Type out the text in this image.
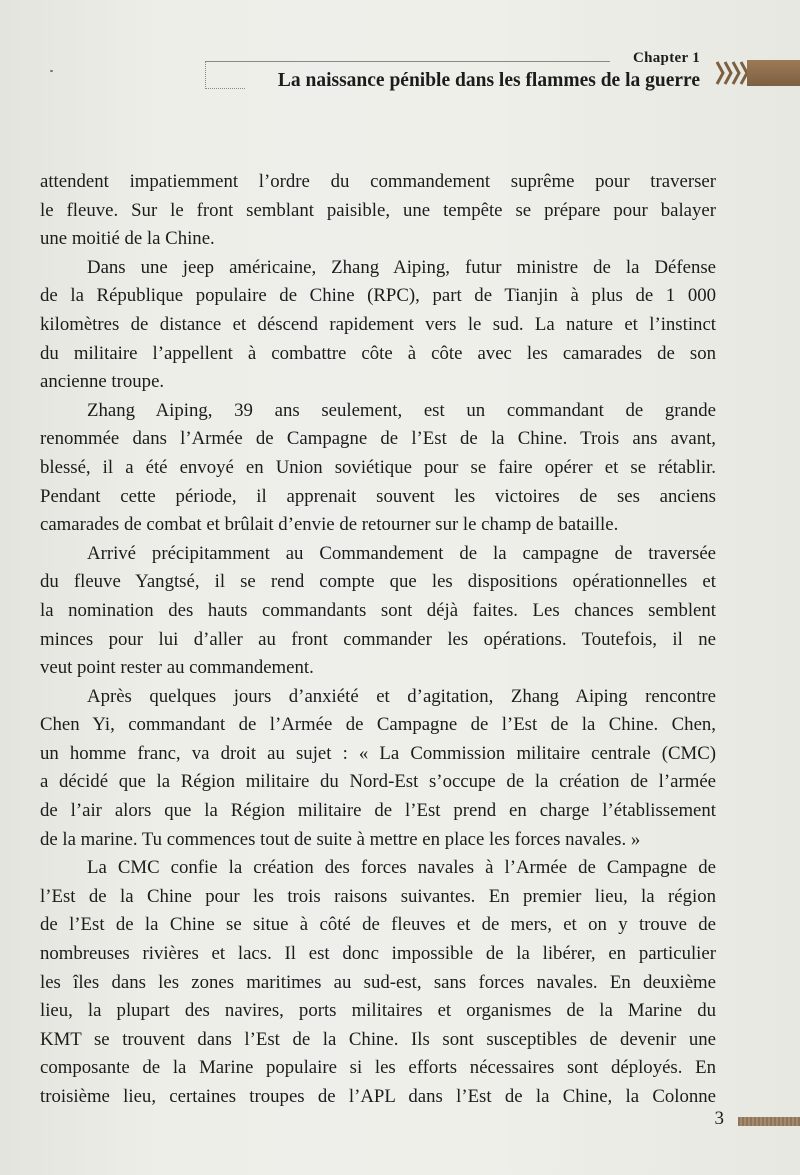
Chapter 1
La naissance pénible dans les flammes de la guerre
attendent impatiemment l’ordre du commandement suprême pour traverser
le fleuve. Sur le front semblant paisible, une tempête se prépare pour balayer
une moitié de la Chine.
Dans une jeep américaine, Zhang Aiping, futur ministre de la Défense
de la République populaire de Chine (RPC), part de Tianjin à plus de 1 000
kilomètres de distance et déscend rapidement vers le sud. La nature et l’instinct
du militaire l’appellent à combattre côte à côte avec les camarades de son
ancienne troupe.
Zhang Aiping, 39 ans seulement, est un commandant de grande
renommée dans l’Armée de Campagne de l’Est de la Chine. Trois ans avant,
blessé, il a été envoyé en Union soviétique pour se faire opérer et se rétablir.
Pendant cette période, il apprenait souvent les victoires de ses anciens
camarades de combat et brûlait d’envie de retourner sur le champ de bataille.
Arrivé précipitamment au Commandement de la campagne de traversée
du fleuve Yangtsé, il se rend compte que les dispositions opérationnelles et
la nomination des hauts commandants sont déjà faites. Les chances semblent
minces pour lui d’aller au front commander les opérations. Toutefois, il ne
veut point rester au commandement.
Après quelques jours d’anxiété et d’agitation, Zhang Aiping rencontre
Chen Yi, commandant de l’Armée de Campagne de l’Est de la Chine. Chen,
un homme franc, va droit au sujet : « La Commission militaire centrale (CMC)
a décidé que la Région militaire du Nord-Est s’occupe de la création de l’armée
de l’air alors que la Région militaire de l’Est prend en charge l’établissement
de la marine. Tu commences tout de suite à mettre en place les forces navales. »
La CMC confie la création des forces navales à l’Armée de Campagne de
l’Est de la Chine pour les trois raisons suivantes. En premier lieu, la région
de l’Est de la Chine se situe à côté de fleuves et de mers, et on y trouve de
nombreuses rivières et lacs. Il est donc impossible de la libérer, en particulier
les îles dans les zones maritimes au sud-est, sans forces navales. En deuxième
lieu, la plupart des navires, ports militaires et organismes de la Marine du
KMT se trouvent dans l’Est de la Chine. Ils sont susceptibles de devenir une
composante de la Marine populaire si les efforts nécessaires sont déployés. En
troisième lieu, certaines troupes de l’APL dans l’Est de la Chine, la Colonne
3
